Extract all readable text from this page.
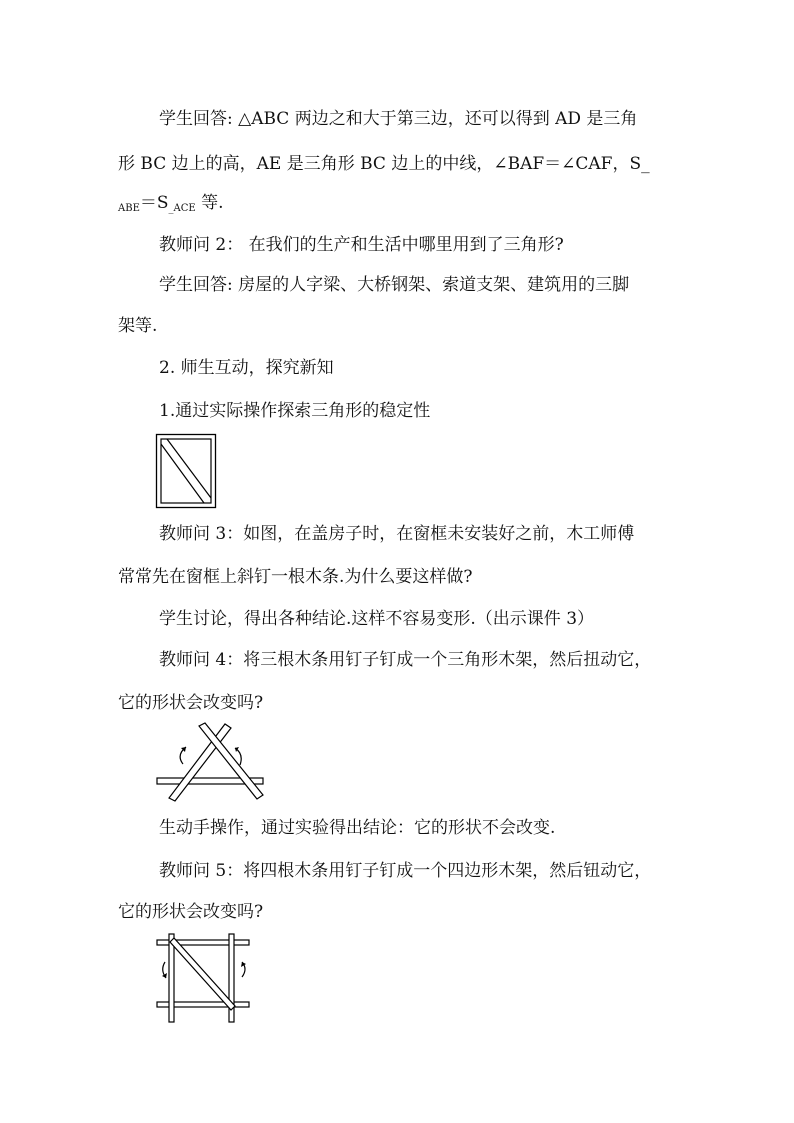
学生回答: △ABC 两边之和大于第三边，还可以得到 AD 是三角
形 BC 边上的高，AE 是三角形 BC 边上的中线，∠BAF＝∠CAF，S_
$_{ABE}=S_{\_ACE}$ 等.
教师问 2： 在我们的生产和生活中哪里用到了三角形?
学生回答: 房屋的人字梁、大桥钢架、索道支架、建筑用的三脚
架等.
2. 师生互动，探究新知
1.通过实际操作探索三角形的稳定性
教师问 3：如图，在盖房子时，在窗框未安装好之前，木工师傅
常常先在窗框上斜钉一根木条.为什么要这样做?
学生讨论，得出各种结论.这样不容易变形.（出示课件 3）
教师问 4：将三根木条用钉子钉成一个三角形木架，然后扭动它，
它的形状会改变吗?
生动手操作，通过实验得出结论：它的形状不会改变.
教师问 5：将四根木条用钉子钉成一个四边形木架，然后钮动它，
它的形状会改变吗?
